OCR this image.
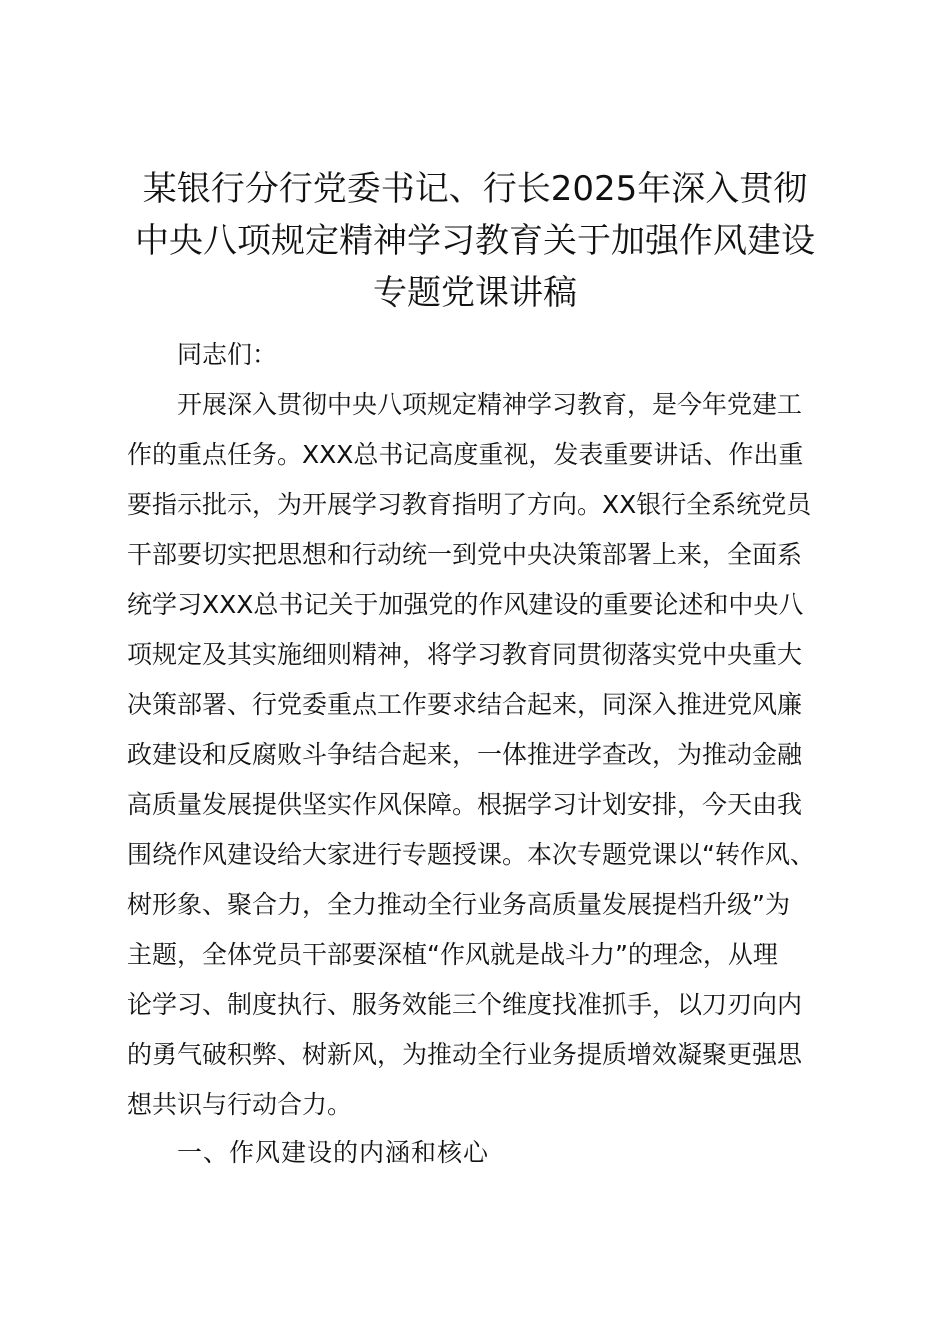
某银行分行党委书记、行长2025年深入贯彻
中央八项规定精神学习教育关于加强作风建设
专题党课讲稿

同志们：

开展深入贯彻中央八项规定精神学习教育，是今年党建工
作的重点任务。XXX总书记高度重视，发表重要讲话、作出重
要指示批示，为开展学习教育指明了方向。XX银行全系统党员
干部要切实把思想和行动统一到党中央决策部署上来，全面系
统学习XXX总书记关于加强党的作风建设的重要论述和中央八
项规定及其实施细则精神，将学习教育同贯彻落实党中央重大
决策部署、行党委重点工作要求结合起来，同深入推进党风廉
政建设和反腐败斗争结合起来，一体推进学查改，为推动金融
高质量发展提供坚实作风保障。根据学习计划安排，今天由我
围绕作风建设给大家进行专题授课。本次专题党课以“转作风、
树形象、聚合力，全力推动全行业务高质量发展提档升级”为
主题，全体党员干部要深植“作风就是战斗力”的理念，从理
论学习、制度执行、服务效能三个维度找准抓手，以刀刃向内
的勇气破积弊、树新风，为推动全行业务提质增效凝聚更强思
想共识与行动合力。

一、作风建设的内涵和核心
